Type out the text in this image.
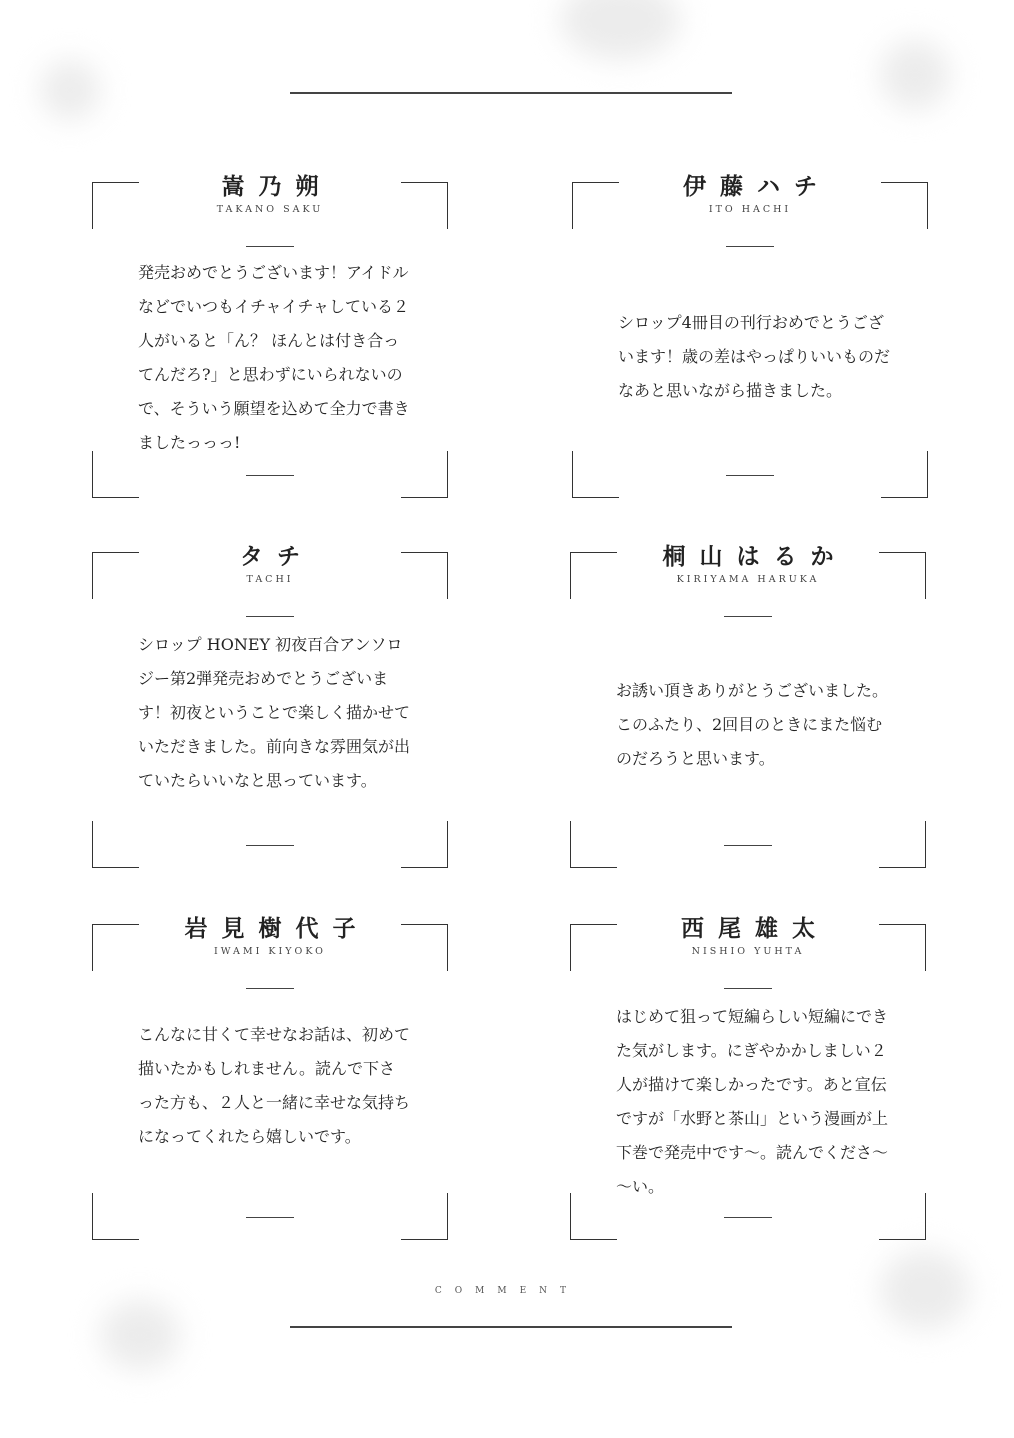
嵩乃朔
TAKANO SAKU
発売おめでとうございます！アイドルなどでいつもイチャイチャしている２人がいると「ん？ ほんとは付き合ってんだろ?」と思わずにいられないので、そういう願望を込めて全力で書きましたっっっ!
伊藤ハチ
ITO HACHI
シロップ4冊目の刊行おめでとうございます！歳の差はやっぱりいいものだなあと思いながら描きました。
タチ
TACHI
シロップ HONEY 初夜百合アンソロジー第2弾発売おめでとうございます！初夜ということで楽しく描かせていただきました。前向きな雰囲気が出ていたらいいなと思っています。
桐山はるか
KIRIYAMA HARUKA
お誘い頂きありがとうございました。このふたり、2回目のときにまた悩むのだろうと思います。
岩見樹代子
IWAMI KIYOKO
こんなに甘くて幸せなお話は、初めて描いたかもしれません。読んで下さった方も、２人と一緒に幸せな気持ちになってくれたら嬉しいです。
西尾雄太
NISHIO YUHTA
はじめて狙って短編らしい短編にできた気がします。にぎやかかしましい２人が描けて楽しかったです。あと宣伝ですが「水野と茶山」という漫画が上下巻で発売中です～。読んでくださ～～い。
COMMENT
